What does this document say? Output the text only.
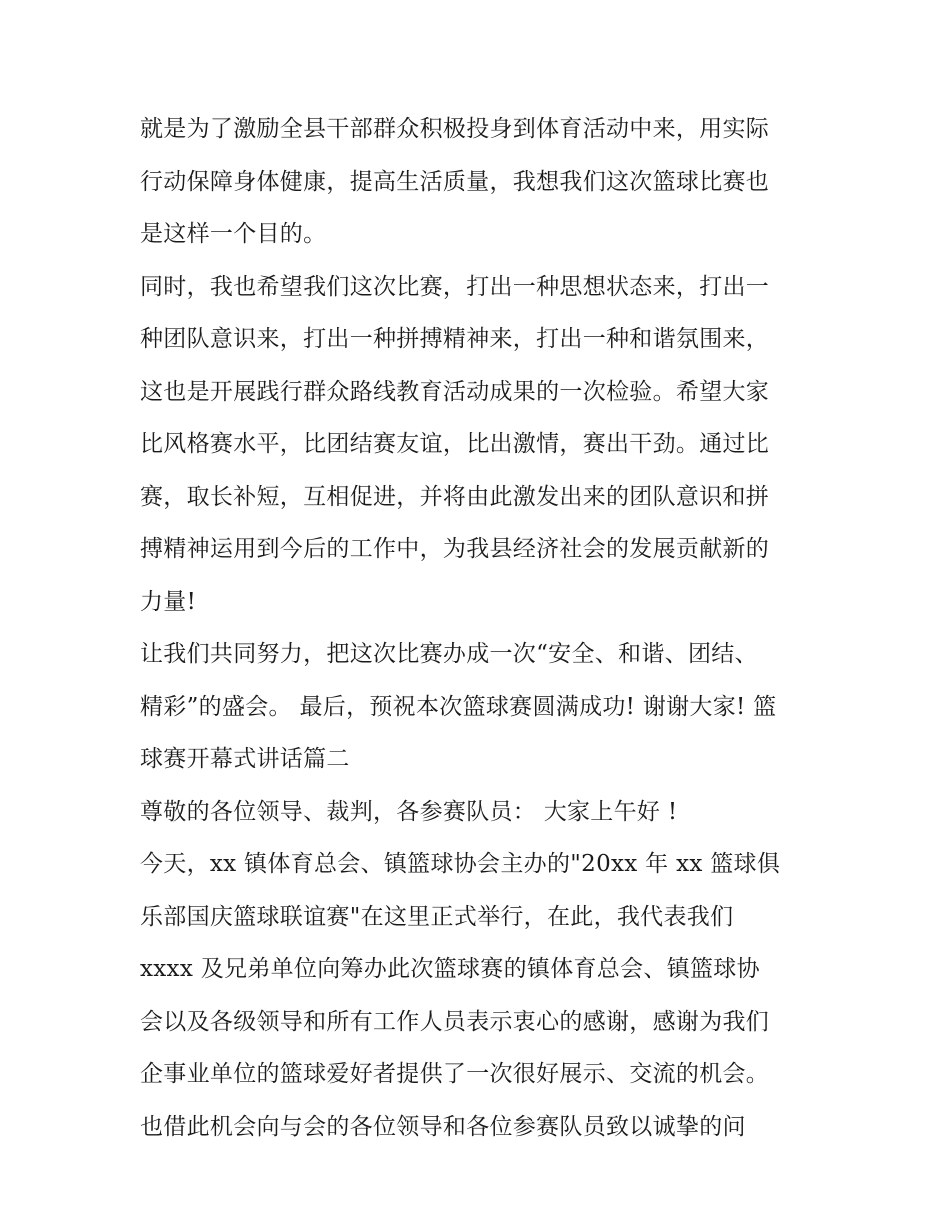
就是为了激励全县干部群众积极投身到体育活动中来，用实际
行动保障身体健康，提高生活质量，我想我们这次篮球比赛也
是这样一个目的。
同时，我也希望我们这次比赛，打出一种思想状态来，打出一
种团队意识来，打出一种拼搏精神来，打出一种和谐氛围来，
这也是开展践行群众路线教育活动成果的一次检验。希望大家
比风格赛水平，比团结赛友谊，比出激情，赛出干劲。通过比
赛，取长补短，互相促进，并将由此激发出来的团队意识和拼
搏精神运用到今后的工作中，为我县经济社会的发展贡献新的
力量!
让我们共同努力，把这次比赛办成一次“安全、和谐、团结、
精彩”的盛会。 最后，预祝本次篮球赛圆满成功! 谢谢大家! 篮
球赛开幕式讲话篇二
尊敬的各位领导、裁判，各参赛队员： 大家上午好 !
今天，xx 镇体育总会、镇篮球协会主办的"20xx 年 xx 篮球俱
乐部国庆篮球联谊赛"在这里正式举行，在此，我代表我们
xxxx 及兄弟单位向筹办此次篮球赛的镇体育总会、镇篮球协
会以及各级领导和所有工作人员表示衷心的感谢，感谢为我们
企事业单位的篮球爱好者提供了一次很好展示、交流的机会。
也借此机会向与会的各位领导和各位参赛队员致以诚挚的问
